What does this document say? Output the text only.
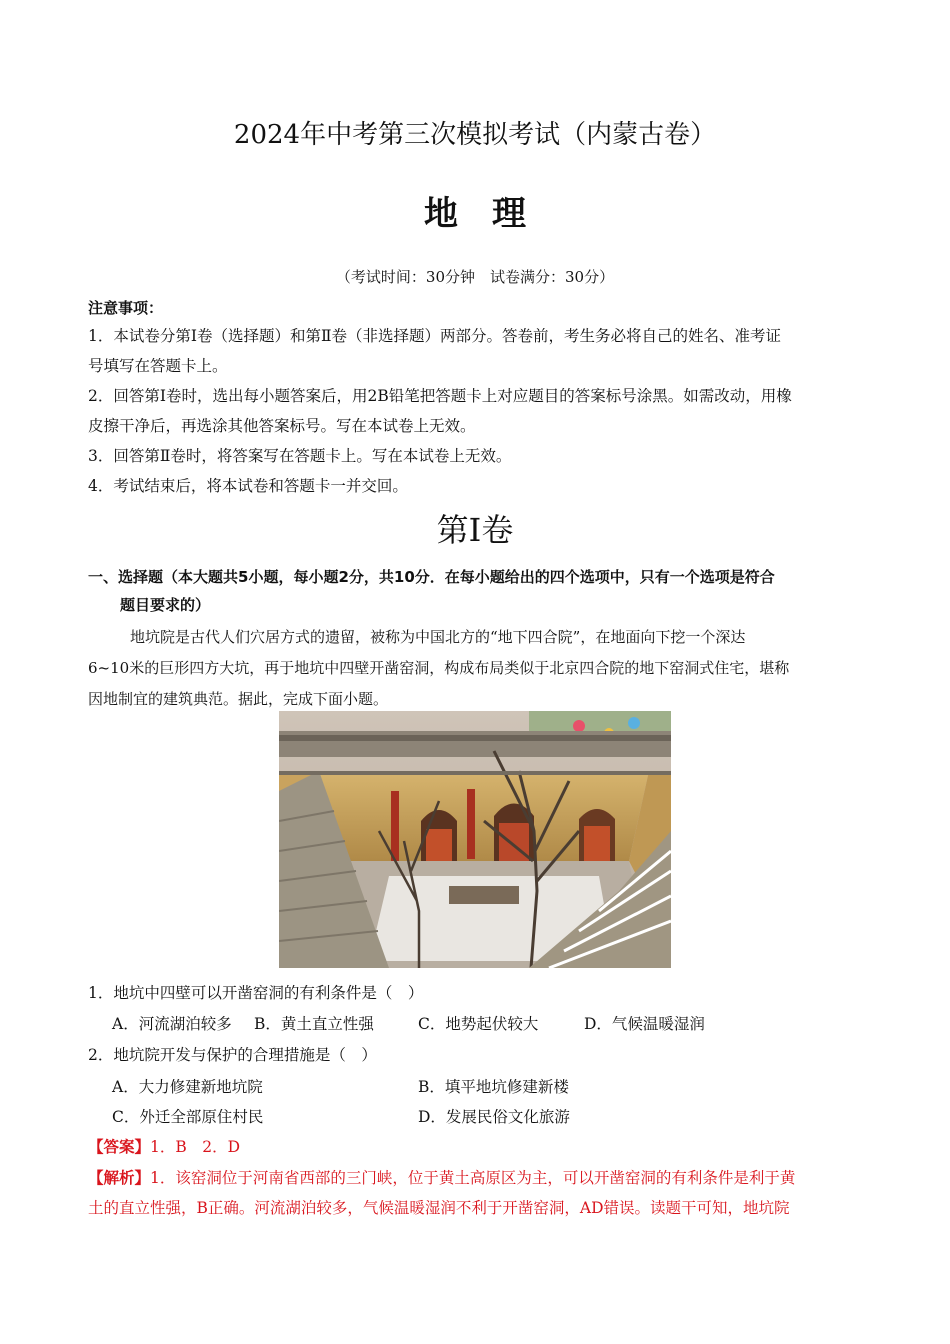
2024年中考第三次模拟考试（内蒙古卷）
地理
（考试时间：30分钟　试卷满分：30分）
注意事项：
1．本试卷分第Ⅰ卷（选择题）和第Ⅱ卷（非选择题）两部分。答卷前，考生务必将自己的姓名、准考证
号填写在答题卡上。
2．回答第Ⅰ卷时，选出每小题答案后，用2B铅笔把答题卡上对应题目的答案标号涂黑。如需改动，用橡
皮擦干净后，再选涂其他答案标号。写在本试卷上无效。
3．回答第Ⅱ卷时，将答案写在答题卡上。写在本试卷上无效。
4．考试结束后，将本试卷和答题卡一并交回。
第Ⅰ卷
一、选择题（本大题共5小题，每小题2分，共10分．在每小题给出的四个选项中，只有一个选项是符合
题目要求的）
地坑院是古代人们穴居方式的遗留，被称为中国北方的“地下四合院”，在地面向下挖一个深达
6~10米的巨形四方大坑，再于地坑中四壁开凿窑洞，构成布局类似于北京四合院的地下窑洞式住宅，堪称
因地制宜的建筑典范。据此，完成下面小题。
1．地坑中四壁可以开凿窑洞的有利条件是（　）
A．河流湖泊较多 B．黄土直立性强	C．地势起伏较大	D．气候温暖湿润
2．地坑院开发与保护的合理措施是（　）
A．大力修建新地坑院	B．填平地坑修建新楼
C．外迁全部原住村民	D．发展民俗文化旅游
【答案】1．B　2．D
【解析】1．该窑洞位于河南省西部的三门峡，位于黄土高原区为主，可以开凿窑洞的有利条件是利于黄
土的直立性强，B正确。河流湖泊较多，气候温暖湿润不利于开凿窑洞，AD错误。读题干可知，地坑院
